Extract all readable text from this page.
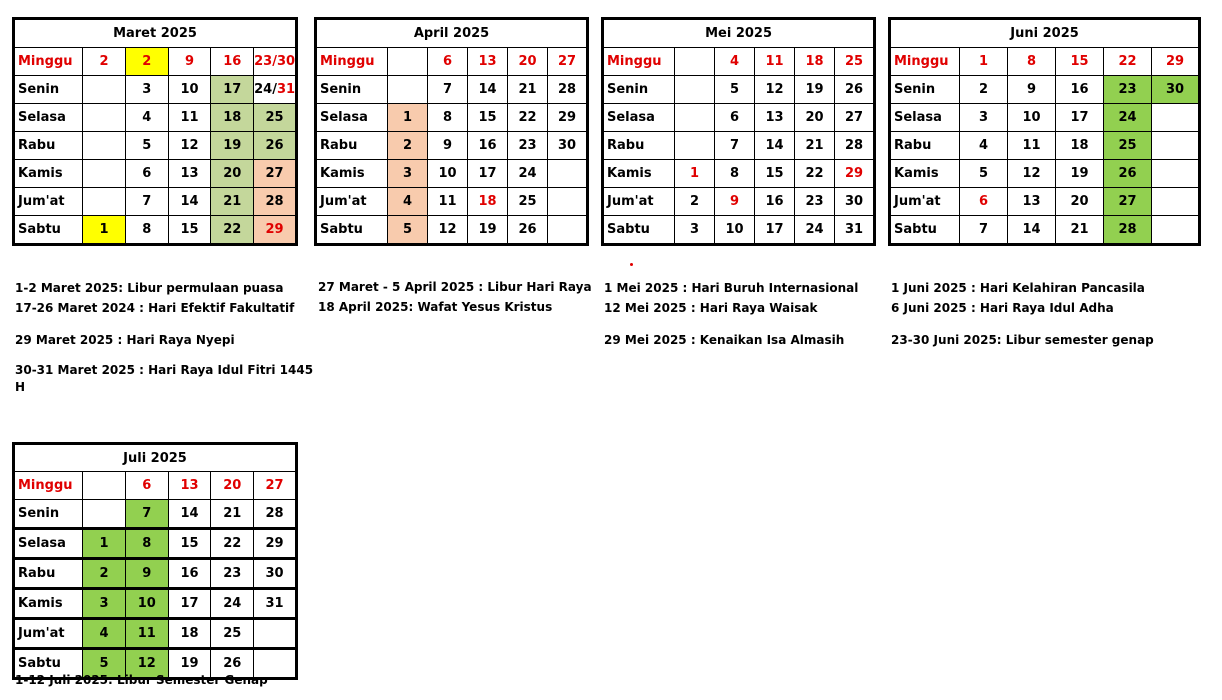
Maret 2025					
Minggu	2	2	9	16	23/30
Senin		3	10	17	24/31
Selasa		4	11	18	25
Rabu		5	12	19	26
Kamis		6	13	20	27
Jum'at		7	14	21	28
Sabtu	1	8	15	22	29
April 2025					
Minggu		6	13	20	27
Senin		7	14	21	28
Selasa	1	8	15	22	29
Rabu	2	9	16	23	30
Kamis	3	10	17	24	
Jum'at	4	11	18	25	
Sabtu	5	12	19	26	
Mei 2025					
Minggu		4	11	18	25
Senin		5	12	19	26
Selasa		6	13	20	27
Rabu		7	14	21	28
Kamis	1	8	15	22	29
Jum'at	2	9	16	23	30
Sabtu	3	10	17	24	31
Juni 2025					
Minggu	1	8	15	22	29
Senin	2	9	16	23	30
Selasa	3	10	17	24	
Rabu	4	11	18	25	
Kamis	5	12	19	26	
Jum'at	6	13	20	27	
Sabtu	7	14	21	28	
Juli 2025					
Minggu		6	13	20	27
Senin		7	14	21	28
Selasa	1	8	15	22	29
Rabu	2	9	16	23	30
Kamis	3	10	17	24	31
Jum'at	4	11	18	25	
Sabtu	5	12	19	26	
1-2 Maret 2025: Libur permulaan puasa
17-26 Maret 2024 : Hari Efektif Fakultatif
29 Maret 2025 : Hari Raya Nyepi
30-31 Maret 2025 : Hari Raya Idul Fitri 1445
H
27 Maret - 5 April 2025 : Libur Hari Raya
18 April 2025: Wafat Yesus Kristus
1 Mei 2025 : Hari Buruh Internasional
12 Mei 2025 : Hari Raya Waisak
29 Mei 2025 : Kenaikan Isa Almasih
1 Juni 2025 : Hari Kelahiran Pancasila
6 Juni 2025 : Hari Raya Idul Adha
23-30 Juni 2025: Libur semester genap
1-12 Juli 2025: Libur Semester Genap
